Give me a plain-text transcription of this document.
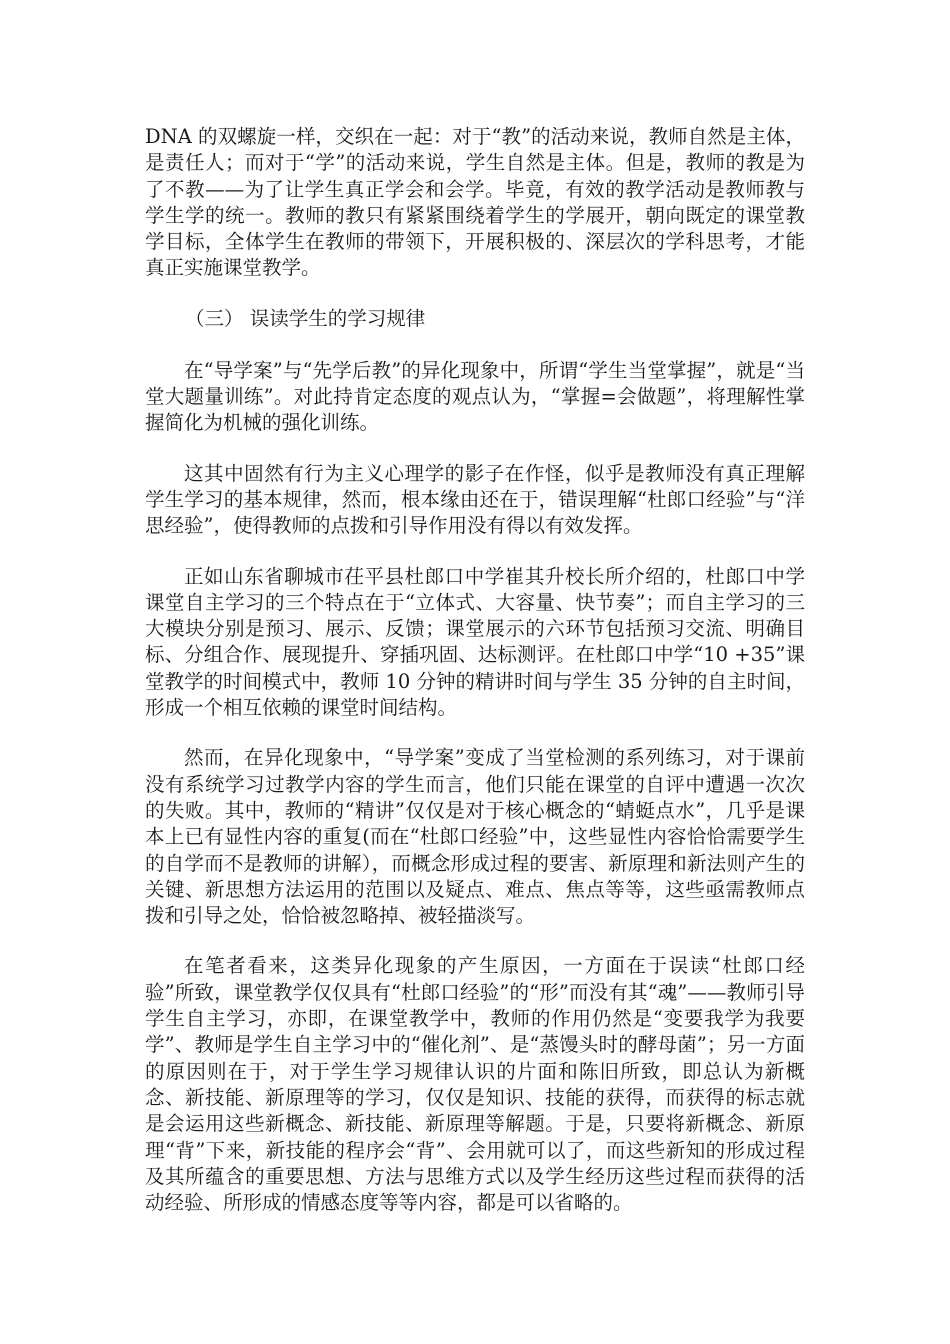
DNA 的双螺旋一样，交织在一起：对于“教”的活动来说，教师自然是主体，是责任人；而对于“学”的活动来说，学生自然是主体。但是，教师的教是为了不教——为了让学生真正学会和会学。毕竟，有效的教学活动是教师教与学生学的统一。教师的教只有紧紧围绕着学生的学展开，朝向既定的课堂教学目标，全体学生在教师的带领下，开展积极的、深层次的学科思考，才能真正实施课堂教学。

（三） 误读学生的学习规律

在“导学案”与“先学后教”的异化现象中，所谓“学生当堂掌握”，就是“当堂大题量训练”。对此持肯定态度的观点认为，“掌握=会做题”，将理解性掌握简化为机械的强化训练。

这其中固然有行为主义心理学的影子在作怪，似乎是教师没有真正理解学生学习的基本规律，然而，根本缘由还在于，错误理解“杜郎口经验”与“洋思经验”，使得教师的点拨和引导作用没有得以有效发挥。

正如山东省聊城市茌平县杜郎口中学崔其升校长所介绍的，杜郎口中学课堂自主学习的三个特点在于“立体式、大容量、快节奏”；而自主学习的三大模块分别是预习、展示、反馈；课堂展示的六环节包括预习交流、明确目标、分组合作、展现提升、穿插巩固、达标测评。在杜郎口中学“10 +35”课堂教学的时间模式中，教师 10 分钟的精讲时间与学生 35 分钟的自主时间，形成一个相互依赖的课堂时间结构。

然而，在异化现象中，“导学案”变成了当堂检测的系列练习，对于课前没有系统学习过教学内容的学生而言，他们只能在课堂的自评中遭遇一次次的失败。其中，教师的“精讲”仅仅是对于核心概念的“蜻蜓点水”，几乎是课本上已有显性内容的重复(而在“杜郎口经验”中，这些显性内容恰恰需要学生的自学而不是教师的讲解），而概念形成过程的要害、新原理和新法则产生的关键、新思想方法运用的范围以及疑点、难点、焦点等等，这些亟需教师点拨和引导之处，恰恰被忽略掉、被轻描淡写。

在笔者看来，这类异化现象的产生原因，一方面在于误读“杜郎口经验”所致，课堂教学仅仅具有“杜郎口经验”的“形”而没有其“魂”——教师引导学生自主学习，亦即，在课堂教学中，教师的作用仍然是“变要我学为我要学”、教师是学生自主学习中的“催化剂”、是“蒸馒头时的酵母菌”；另一方面的原因则在于，对于学生学习规律认识的片面和陈旧所致，即总认为新概念、新技能、新原理等的学习，仅仅是知识、技能的获得，而获得的标志就是会运用这些新概念、新技能、新原理等解题。于是，只要将新概念、新原理“背”下来，新技能的程序会“背”、会用就可以了，而这些新知的形成过程及其所蕴含的重要思想、方法与思维方式以及学生经历这些过程而获得的活动经验、所形成的情感态度等等内容，都是可以省略的。
